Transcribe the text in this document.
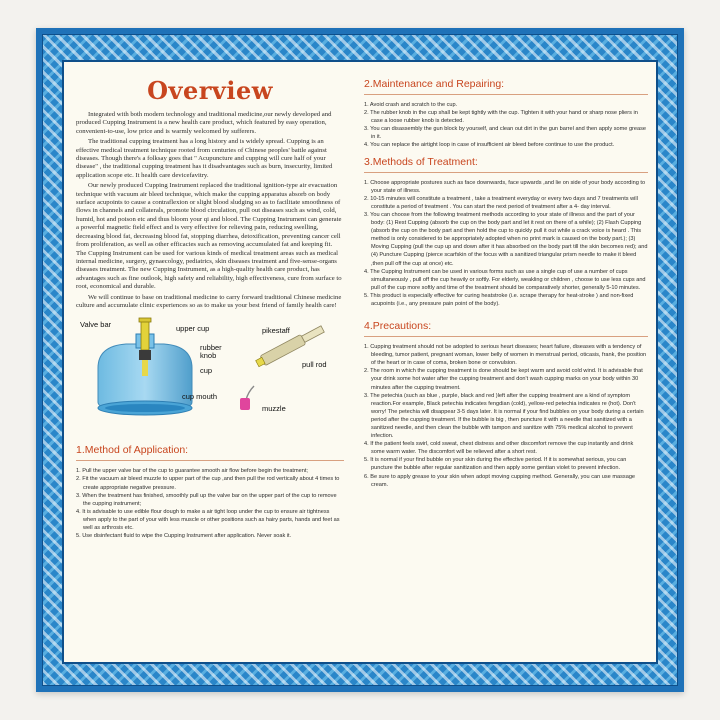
Overview

Integrated with both modern technology and traditional medicine,our newly developed and produced Cupping Instrument is a new health care product, which featured by easy operation, convenient-to-use, low price and is warmly welcomed by sufferers.

The traditional cupping treatment has a long history and is widely spread. Cupping is an effective medical treatment technique rooted from centuries of Chinese peoples' battle against diseases. Though there's a folksay goes that " Acupuncture and cupping will cure half of your disease" , the traditional cupping treatment has it disadvantages such as burn, insecurity, limited application scope etc. It health care devicefavitry.

Our newly produced Cupping Instrument replaced the traditional ignition-type air evacuation technique with vacuum air bleed technique, which make the cupping apparatus absorb on body surface acupoints to cause a contraflexion or slight blood sludging so as to facilitate smoothness of flows in channels and collaterals, promote blood circulation, pull out diseases such as wind, cold, humid, hot and poison etc and thus bloom your qi and blood. The Cupping Instrument can generate a powerful magnetic field effect and is very effective for relieving pain, reducing swelling, decreasing blood fat, decreasing blood fat, stopping diarrhea, detoxification, preventing cancer cell from proliferation, as well as other efficacies such as removing accumulated fat and keeping fit. The Cupping Instrument can be used for various kinds of medical treatment areas such as medical internal medicine, surgery, gynaecology, pediatrics, skin diseases treatment and five-sense-organs diseases treatment. The new Cupping Instrument, as a high-quality health care product, has advantages such as fine outlook, high safety and reliability, high effectiveness, cure from surface to root, economical and durable.

We will continue to base on traditional medicine to carry forward traditional Chinese medicine culture and accumulate clinic experiences so as to make us your best friend of family health care!

Valve bar	upper cup
rubber knob
cup
cup mouth
pikestaff
pull rod
muzzle
1.Method of Application:
1. Pull the upper valve bar of the cup to guarantee smooth air flow before begin the treatment;
2. Fit the vacuum air bleed muzzle to upper part of the cup ,and then pull the rod vertically about 4 times to create appropriate negative pressure.
3. When the treatment has finished, smoothly pull up the valve bar on the upper part of the cup to remove the cupping instrument;
4. It is advisable to use edible flour dough to make a air tight loop under the cup to ensure air tightness when apply to the part of your with less muscle or other positions such as hairy parts, hands and feet as well as arthrosis etc.
5. Use disinfectant fluid to wipe the Cupping Instrument after application. Never soak it.
2.Maintenance and Repairing:
1. Avoid crash and scratch to the cup.
2. The rubber knob in the cup shall be kept tightly with the cup. Tighten it with your hand or sharp nose pliers in case a loose rubber knob is detected.
3. You can disassembly the gun block by yourself, and clean out dirt in the gun barrel and then apply some grease in it.
4. You can replace the airtight loop in case of insufficient air bleed before continue to use the product.
3.Methods of Treatment:
1. Choose appropriate postures such as face downwards, face upwards ,and lie on side of your body according to your state of illness.
2. 10-15 minutes will constitute a treatment , take a treatment everyday or every two days and 7 treatments will constitute a period of treatment . You can start the next period of treatment after a 4- day interval.
3. You can choose from the following treatment methods according to your state of illness and the part of your body: (1) Rest Cupping (absorb the cup on the body part and let it rest on there of a while); (2) Flash Cupping (absorb the cup on the body part and then hold the cup to quickly pull it out while a crack voice is heard . This method is only considered to be appropriately adopted when no print mark is caused on the body part.); (3) Moving Cupping (pull the cup up and down after it has absorbed on the body part till the skin becomes red); and (4) Puncture Cupping (pierce scarfskin of the focus with a sanitized triangular prism needle to make it bleed ,then pull off the cup at once) etc.
4. The Cupping Instrument can be used in various forms such as use a single cup of use a number of cups simultaneously , pull off the cup heavily or softly. For elderly, weakling or children , choose to use less cups and pull of the cup more softly and time of the treatment should be comparatively shorter, generally 5-10 minutes.
5. This product is especially effective for curing heatstroke (i.e. scrape therapy for heat-stroke ) and non-fixed acupoints (i.e., any pressure pain point of the body).
4.Precautions:
1. Cupping treatment should not be adopted to serious heart diseases; heart failure, diseases with a tendency of bleeding, tumor patient, pregnant woman, lower belly of women in menstrual period, oticasis, frank, the position of the heart or in case of coma, broken bone or convulsion.
2. The room in which the cupping treatment is done should be kept warm and avoid cold wind. It is advisable that your drink some hot water after the cupping treatment and don't wash cupping marks on your body within 30 minutes after the cupping treatment.
3. The petechia (such as blue , purple, black and red )left after the cupping treatment are a kind of symptom reaction.For example, Black petechia indicates fengdian (cold), yellow-red petechia indicates re (hot). Don't worry! The petechia will disappear 3-5 days later. It is normal if your find bubbles on your body during a certain period after the cupping treatment. If the bubble is big , then puncture it with a needle that sanitized with a sanitized needle, and then clean the bubble with tampon and sanitize with 75% medical alcohol to prevent infection.
4. If the patient feels swirl, cold sweat, chest distress and other discomfort remove the cup instantly and drink some warm water. The discomfort will be relieved after a short rest.
5. It is normal if your find bubble on your skin during the effective period. If it is somewhat serious, you can puncture the bubble after regular sanitization and then apply some gentian violet to prevent infection.
6. Be sure to apply grease to your skin when adopt moving cupping method. Generally, you can use massage cream.
